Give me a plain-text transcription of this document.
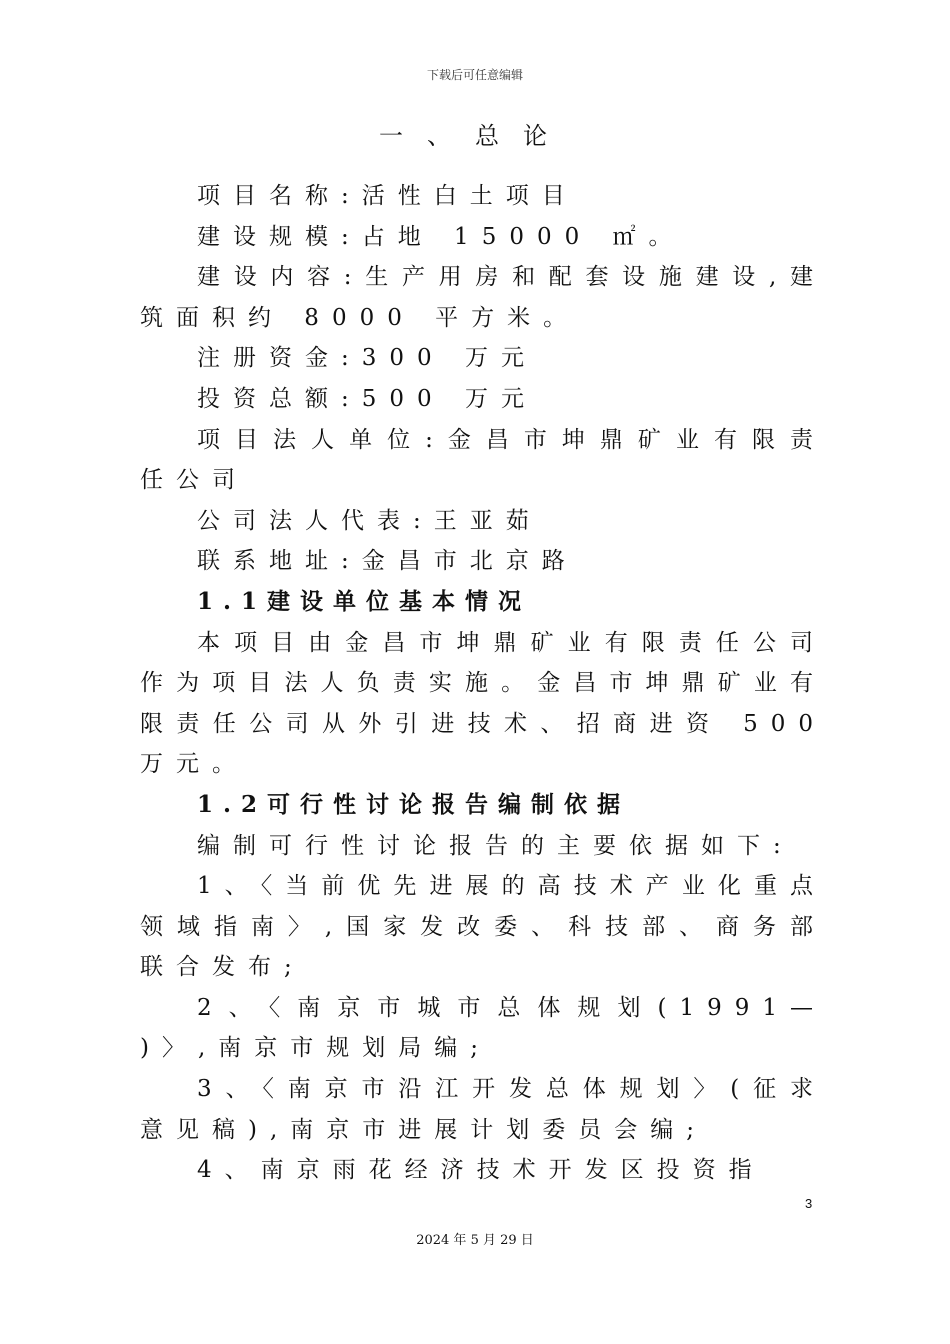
下载后可任意编辑
一、总论

项目名称:活性白土项目

建设规模:占地 15000 ㎡。

建设内容:生产用房和配套设施建设,建筑面积约 8000 平方米。

注册资金:300 万元

投资总额:500 万元

项目法人单位:金昌市坤鼎矿业有限责任公司

公司法人代表:王亚茹

联系地址:金昌市北京路

1.1建设单位基本情况

本项目由金昌市坤鼎矿业有限责任公司作为项目法人负责实施。金昌市坤鼎矿业有限责任公司从外引进技术、招商进资 500万元。

1.2可行性讨论报告编制依据

编制可行性讨论报告的主要依据如下:

1、〈当前优先进展的高技术产业化重点领域指南〉,国家发改委、科技部、商务部联合发布;

2、〈南京市城市总体规划(1991— )〉,南京市规划局编;

3、〈南京市沿江开发总体规划〉(征求意见稿),南京市进展计划委员会编;

4、南京雨花经济技术开发区投资指

3
2024 年 5 月 29 日
